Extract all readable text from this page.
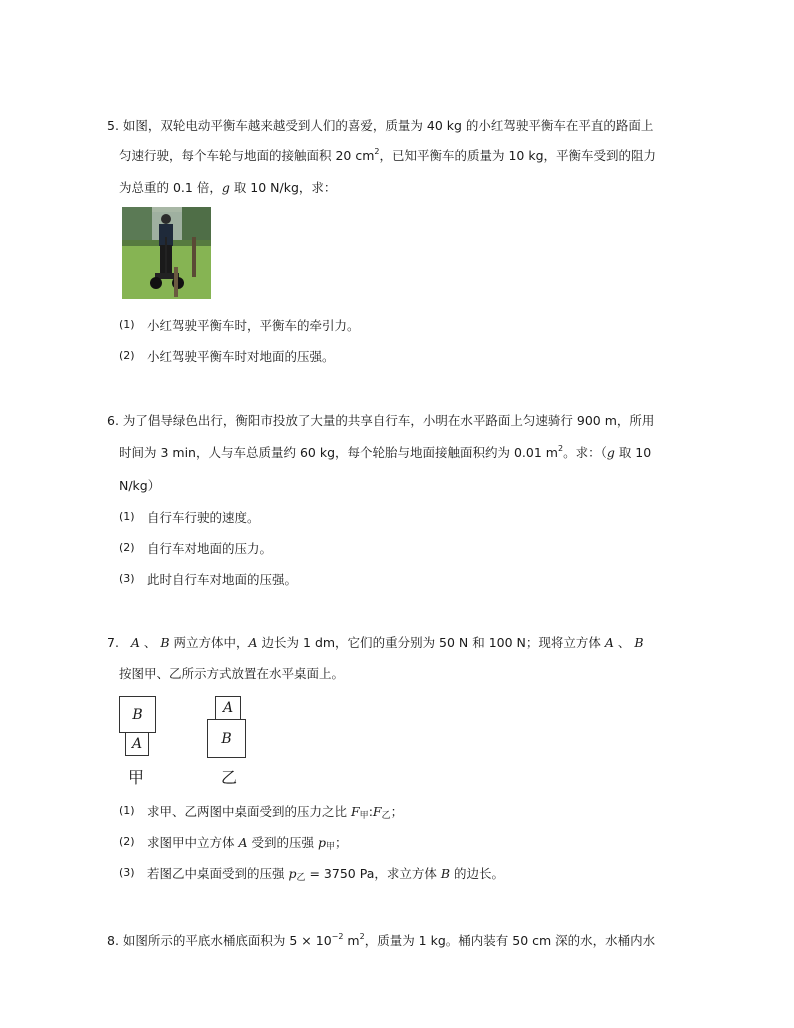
5. 如图，双轮电动平衡车越来越受到人们的喜爱，质量为 40 kg 的小红驾驶平衡车在平直的路面上
匀速行驶，每个车轮与地面的接触面积 20 $cm^2$，已知平衡车的质量为 10 kg，平衡车受到的阻力
为总重的 0.1 倍，g 取 10 N/kg，求：
(1) 小红驾驶平衡车时，平衡车的牵引力。
(2) 小红驾驶平衡车时对地面的压强。
6. 为了倡导绿色出行，衡阳市投放了大量的共享自行车，小明在水平路面上匀速骑行 900 m，所用
时间为 3 min，人与车总质量约 60 kg，每个轮胎与地面接触面积约为 0.01 $m^2$。求：（g 取 10
N/kg）
(1) 自行车行驶的速度。
(2) 自行车对地面的压力。
(3) 此时自行车对地面的压强。
7. A 、 B 两立方体中，A 边长为 1 dm，它们的重分别为 50 N 和 100 N；现将立方体 A 、 B
按图甲、乙所示方式放置在水平桌面上。
B
A
甲
A
B
乙
(1) 求甲、乙两图中桌面受到的压力之比 $F_甲:F_乙$；
(2) 求图甲中立方体 A 受到的压强 $p_甲$；
(3) 若图乙中桌面受到的压强 $p_乙 = 3750$ Pa，求立方体 B 的边长。
8. 如图所示的平底水桶底面积为 $5 \times 10^{-2}$ $m^2$，质量为 1 kg。桶内装有 50 cm 深的水，水桶内水
